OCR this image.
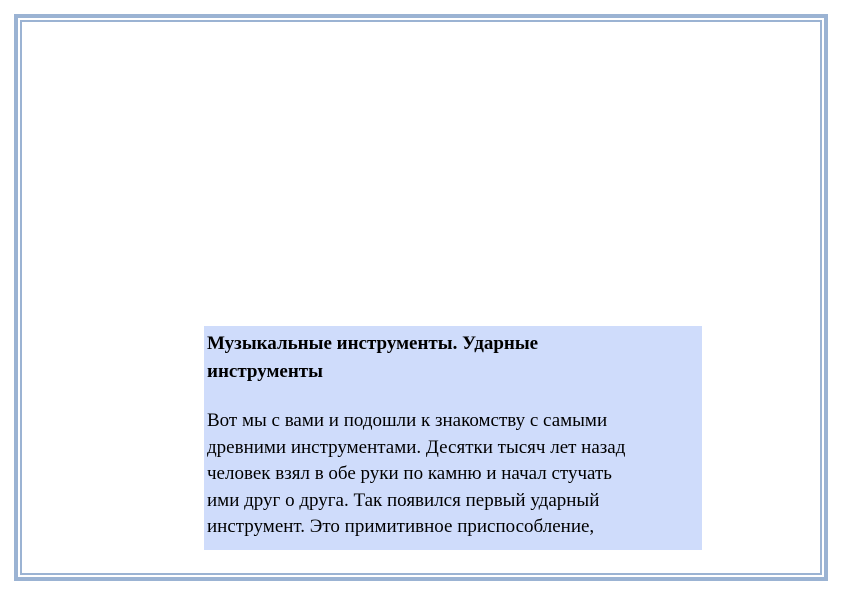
Музыкальные инструменты. Ударные
инструменты

Вот мы с вами и подошли к знакомству с самыми
древними инструментами. Десятки тысяч лет назад
человек взял в обе руки по камню и начал стучать
ими друг о друга. Так появился первый ударный
инструмент. Это примитивное приспособление,
